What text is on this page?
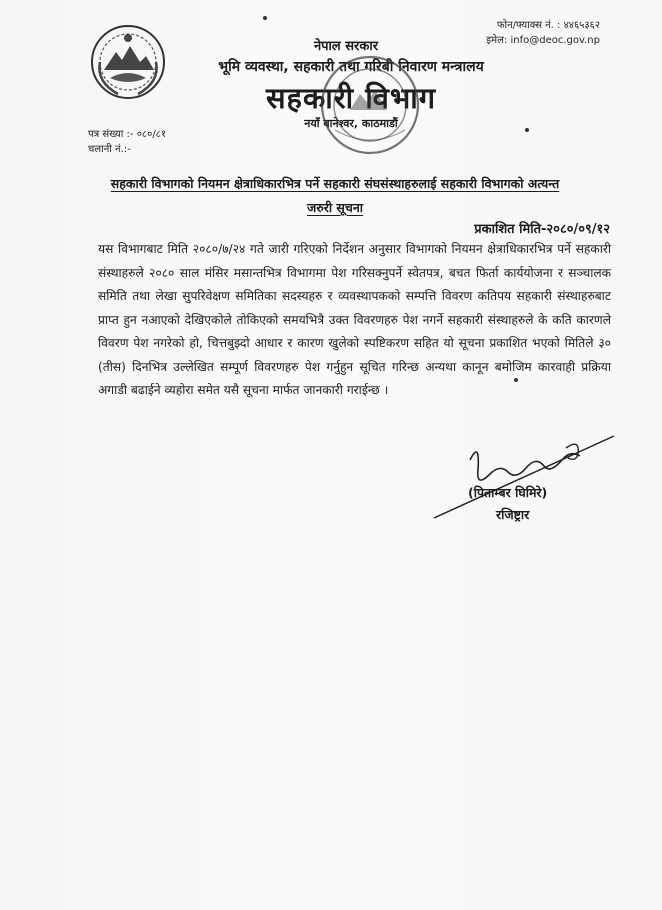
फोन/फ्याक्स नं. : ४४६५३६२
इमेल: info@deoc.gov.np
नेपाल सरकार
भूमि व्यवस्था, सहकारी तथा गरिबी निवारण मन्त्रालय
सहकारी विभाग
नयाँ बानेश्वर, काठमाडौं
पत्र संख्या :- ०८०/८१
चलानी नं.:-
सहकारी विभागको नियमन क्षेत्राधिकारभित्र पर्ने सहकारी संघसंस्थाहरुलाई सहकारी विभागको अत्यन्त जरुरी सूचना
प्रकाशित मिति-२०८०/०९/१२
यस विभागबाट मिति २०८०/७/२४ गते जारी गरिएको निर्देशन अनुसार विभागको नियमन क्षेत्राधिकारभित्र पर्ने सहकारी संस्थाहरुले २०८० साल मंसिर मसान्तभित्र विभागमा पेश गरिसक्नुपर्ने स्वेतपत्र, बचत फिर्ता कार्ययोजना र सञ्चालक समिति तथा लेखा सुपरिवेक्षण समितिका सदस्यहरु र व्यवस्थापकको सम्पत्ति विवरण कतिपय सहकारी संस्थाहरुबाट प्राप्त हुन नआएको देखिएकोले तोकिएको समयभित्रै उक्त विवरणहरु पेश नगर्ने सहकारी संस्थाहरुले के कति कारणले विवरण पेश नगरेको हो, चित्तबुझ्दो आधार र कारण खुलेको स्पष्टिकरण सहित यो सूचना प्रकाशित भएको मितिले ३० (तीस) दिनभित्र उल्लेखित सम्पूर्ण विवरणहरु पेश गर्नुहुन सूचित गरिन्छ अन्यथा कानून बमोजिम कारवाही प्रक्रिया अगाडी बढाईने व्यहोरा समेत यसै सूचना मार्फत जानकारी गराईन्छ ।
(पिताम्बर घिमिरे)
रजिष्ट्रार
